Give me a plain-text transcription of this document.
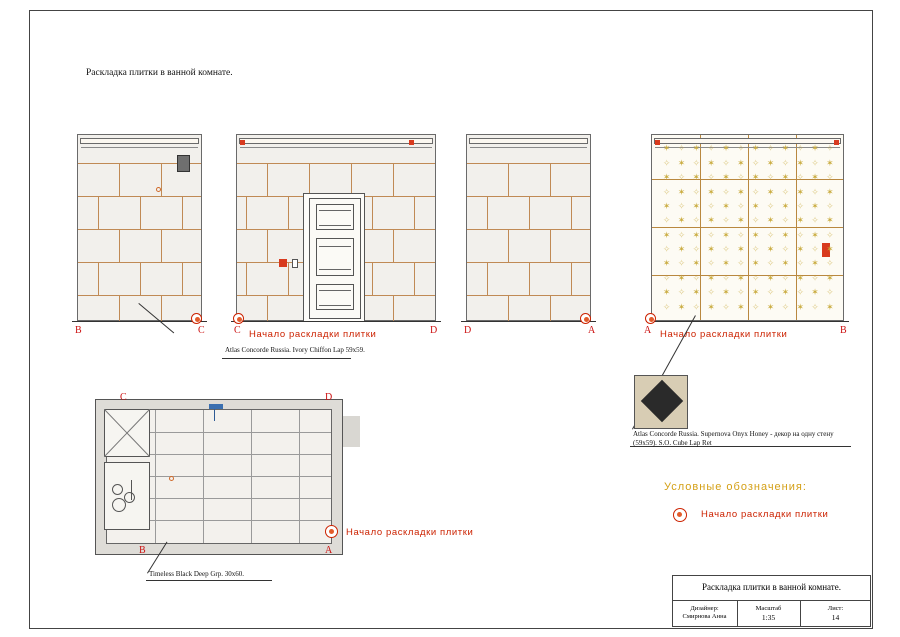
Раскладка плитки в ванной комнате.
B	C
Atlas Concorde Russia. Ivory Chiffon Lap 59x59.
C	D
Начало раскладки плитки	D	A
✶ ✧ ✶ ✧ ✶ ✧ ✶ ✧ ✶ ✧ ✶ ✧
✧ ✶ ✧ ✶ ✧ ✶ ✧ ✶ ✧ ✶ ✧ ✶
✶ ✧ ✶ ✧ ✶ ✧ ✶ ✧ ✶ ✧ ✶ ✧
✧ ✶ ✧ ✶ ✧ ✶ ✧ ✶ ✧ ✶ ✧ ✶
✶ ✧ ✶ ✧ ✶ ✧ ✶ ✧ ✶ ✧ ✶ ✧
✧ ✶ ✧ ✶ ✧ ✶ ✧ ✶ ✧ ✶ ✧ ✶
✶ ✧ ✶ ✧ ✶ ✧ ✶ ✧ ✶ ✧ ✶ ✧
✧ ✶ ✧ ✶ ✧ ✶ ✧ ✶ ✧ ✶ ✧ ✶
✶ ✧ ✶ ✧ ✶ ✧ ✶ ✧ ✶ ✧ ✶ ✧
✧ ✶ ✧ ✶ ✧ ✶ ✧ ✶ ✧ ✶ ✧ ✶
✶ ✧ ✶ ✧ ✶ ✧ ✶ ✧ ✶ ✧ ✶ ✧
✧ ✶ ✧ ✶ ✧ ✶ ✧ ✶ ✧ ✶ ✧ ✶
A	B
Начало раскладки плитки
Atlas Concorde Russia. Supernova Onyx Honey - декор на одну стену (59x59). S.O. Cube Lap Ret
C	D
B	A
Начало раскладки плитки
Timeless Black Deep Grp. 30x60.
Условные обозначения:
Начало раскладки плитки
Раскладка плитки в ванной комнате.
Дизайнер:
Смирнова Анна
Масштаб
1:35
Лист:
14
